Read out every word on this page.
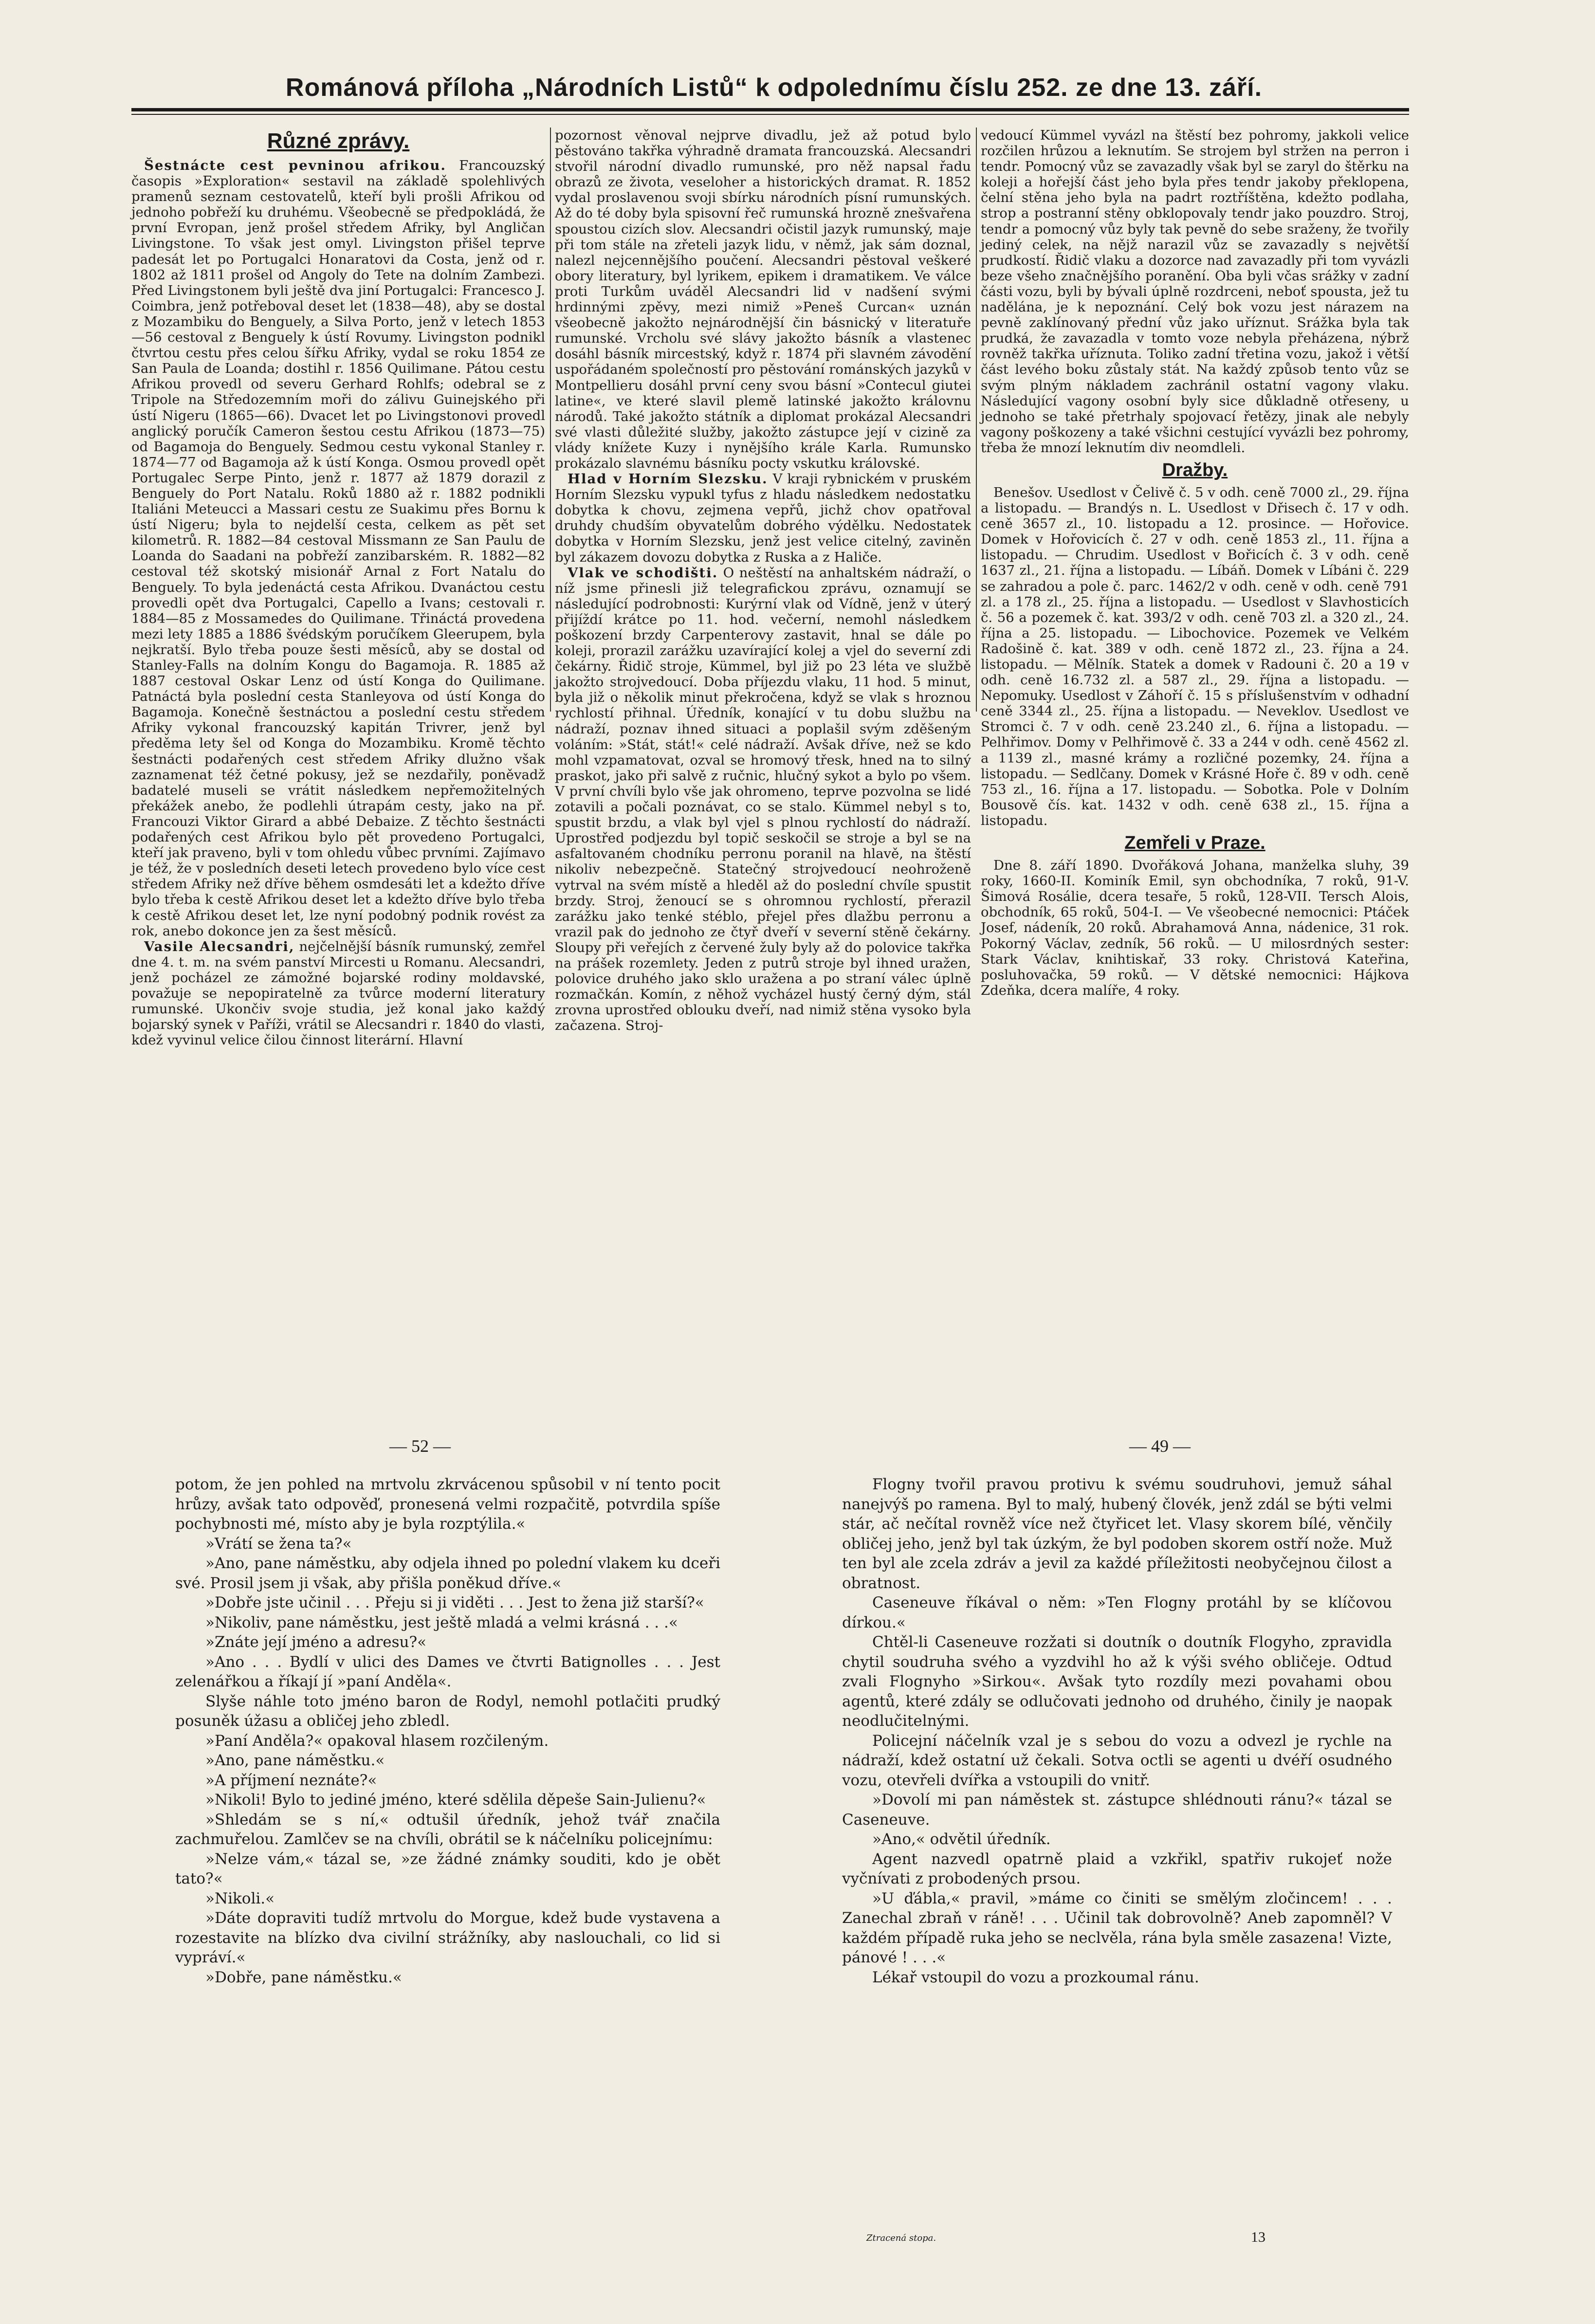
Románová příloha „Národních Listů“ k odpolednímu číslu 252. ze dne 13. září.
Různé zprávy.

Šestnácte cest pevninou afrikou. Francouzský časopis »Exploration« sestavil na základě spolehlivých pramenů seznam cestovatelů, kteří byli prošli Afrikou od jednoho pobřeží ku druhému. Všeobecně se předpokládá, že první Evropan, jenž prošel středem Afriky, byl Angličan Livingstone. To však jest omyl. Livingston přišel teprve padesát let po Portugalci Honaratovi da Costa, jenž od r. 1802 až 1811 prošel od Angoly do Tete na dolním Zambezi. Před Livingstonem byli ještě dva jiní Portugalci: Francesco J. Coimbra, jenž potřeboval deset let (1838—48), aby se dostal z Mozambiku do Benguely, a Silva Porto, jenž v letech 1853—56 cestoval z Benguely k ústí Rovumy. Livingston podnikl čtvrtou cestu přes celou šířku Afriky, vydal se roku 1854 ze San Paula de Loanda; dostihl r. 1856 Quilimane. Pátou cestu Afrikou provedl od severu Gerhard Rohlfs; odebral se z Tripole na Středozemním moři do zálivu Guinejského při ústí Nigeru (1865—66). Dvacet let po Livingstonovi provedl anglický poručík Cameron šestou cestu Afrikou (1873—75) od Bagamoja do Benguely. Sedmou cestu vykonal Stanley r. 1874—77 od Bagamoja až k ústí Konga. Osmou provedl opět Portugalec Serpe Pinto, jenž r. 1877 až 1879 dorazil z Benguely do Port Natalu. Roků 1880 až r. 1882 podnikli Italiáni Meteucci a Massari cestu ze Suakimu přes Bornu k ústí Nigeru; byla to nejdelší cesta, celkem as pět set kilometrů. R. 1882—84 cestoval Missmann ze San Paulu de Loanda do Saadani na pobřeží zanzibarském. R. 1882—82 cestoval též skotský misionář Arnal z Fort Natalu do Benguely. To byla jedenáctá cesta Afrikou. Dvanáctou cestu provedli opět dva Portugalci, Capello a Ivans; cestovali r. 1884—85 z Mossamedes do Quilimane. Třináctá provedena mezi lety 1885 a 1886 švédským poručíkem Gleerupem, byla nejkratší. Bylo třeba pouze šesti měsíců, aby se dostal od Stanley-Falls na dolním Kongu do Bagamoja. R. 1885 až 1887 cestoval Oskar Lenz od ústí Konga do Quilimane. Patnáctá byla poslední cesta Stanleyova od ústí Konga do Bagamoja. Konečně šestnáctou a poslední cestu středem Afriky vykonal francouzský kapitán Trivrer, jenž byl předěma lety šel od Konga do Mozambiku. Kromě těchto šestnácti podařených cest středem Afriky dlužno však zaznamenat též četné pokusy, jež se nezdařily, poněvadž badatelé museli se vrátit následkem nepřemožitelných překážek anebo, že podlehli útrapám cesty, jako na př. Francouzi Viktor Girard a abbé Debaize. Z těchto šestnácti podařených cest Afrikou bylo pět provedeno Portugalci, kteří jak praveno, byli v tom ohledu vůbec prvními. Zajímavo je též, že v posledních deseti letech provedeno bylo více cest středem Afriky než dříve během osmdesáti let a kdežto dříve bylo třeba k cestě Afrikou deset let a kdežto dříve bylo třeba k cestě Afrikou deset let, lze nyní podobný podnik rovést za rok, anebo dokonce jen za šest měsíců.

Vasile Alecsandri, nejčelnější básník rumunský, zemřel dne 4. t. m. na svém panství Mircesti u Romanu. Alecsandri, jenž pocházel ze zámožné bojarské rodiny moldavské, považuje se nepopiratelně za tvůrce moderní literatury rumunské. Ukončiv svoje studia, jež konal jako každý bojarský synek v Paříži, vrátil se Alecsandri r. 1840 do vlasti, kdež vyvinul velice čilou činnost literární. Hlavní

pozornost věnoval nejprve divadlu, jež až potud bylo pěstováno takřka výhradně dramata francouzská. Alecsandri stvořil národní divadlo rumunské, pro něž napsal řadu obrazů ze života, veseloher a historických dramat. R. 1852 vydal proslavenou svoji sbírku národních písní rumunských. Až do té doby byla spisovní řeč rumunská hrozně znešvařena spoustou cizích slov. Alecsandri očistil jazyk rumunský, maje při tom stále na zřeteli jazyk lidu, v němž, jak sám doznal, nalezl nejcennějšího poučení. Alecsandri pěstoval veškeré obory literatury, byl lyrikem, epikem i dramatikem. Ve válce proti Turkům uváděl Alecsandri lid v nadšení svými hrdinnými zpěvy, mezi nimiž »Peneš Curcan« uznán všeobecně jakožto nejnárodnější čin básnický v literatuře rumunské. Vrcholu své slávy jakožto básník a vlastenec dosáhl básník mircestský, když r. 1874 při slavném závodění uspořádaném společností pro pěstování románských jazyků v Montpellieru dosáhl první ceny svou básní »Contecul giutei latine«, ve které slavil plemě latinské jakožto královnu národů. Také jakožto státník a diplomat prokázal Alecsandri své vlasti důležité služby, jakožto zástupce její v cizině za vlády knížete Kuzy i nynějšího krále Karla. Rumunsko prokázalo slavnému básníku pocty vskutku královské.

Hlad v Horním Slezsku. V kraji rybnickém v pruském Horním Slezsku vypukl tyfus z hladu následkem nedostatku dobytka k chovu, zejmena vepřů, jichž chov opatřoval druhdy chudším obyvatelům dobrého výdělku. Nedostatek dobytka v Horním Slezsku, jenž jest velice citelný, zaviněn byl zákazem dovozu dobytka z Ruska a z Haliče.

Vlak ve schodišti. O neštěstí na anhaltském nádraží, o níž jsme přinesli již telegrafickou zprávu, oznamují se následující podrobnosti: Kurýrní vlak od Vídně, jenž v úterý přijíždí krátce po 11. hod. večerní, nemohl následkem poškození brzdy Carpenterovy zastavit, hnal se dále po koleji, prorazil zarážku uzavírající kolej a vjel do severní zdi čekárny. Řidič stroje, Kümmel, byl již po 23 léta ve službě jakožto strojvedoucí. Doba příjezdu vlaku, 11 hod. 5 minut, byla již o několik minut překročena, když se vlak s hroznou rychlostí přihnal. Úředník, konající v tu dobu službu na nádraží, poznav ihned situaci a poplašil svým zděšeným voláním: »Stát, stát!« celé nádraží. Avšak dříve, než se kdo mohl vzpamatovat, ozval se hromový třesk, hned na to silný praskot, jako při salvě z ručnic, hlučný sykot a bylo po všem. V první chvíli bylo vše jak ohromeno, teprve pozvolna se lidé zotavili a počali poznávat, co se stalo. Kümmel nebyl s to, spustit brzdu, a vlak byl vjel s plnou rychlostí do nádraží. Uprostřed podjezdu byl topič seskočil se stroje a byl se na asfaltovaném chodníku perronu poranil na hlavě, na štěstí nikoliv nebezpečně. Statečný strojvedoucí neohroženě vytrval na svém místě a hleděl až do poslední chvíle spustit brzdy. Stroj, ženoucí se s ohromnou rychlostí, přerazil zarážku jako tenké stéblo, přejel přes dlažbu perronu a vrazil pak do jednoho ze čtyř dveří v severní stěně čekárny. Sloupy při veřejích z červené žuly byly až do polovice takřka na prášek rozemlety. Jeden z putrů stroje byl ihned uražen, polovice druhého jako sklo uražena a po straní válec úplně rozmačkán. Komín, z něhož vycházel hustý černý dým, stál zrovna uprostřed oblouku dveří, nad nimiž stěna vysoko byla začazena. Stroj-

vedoucí Kümmel vyvázl na štěstí bez pohromy, jakkoli velice rozčilen hrůzou a leknutím. Se strojem byl stržen na perron i tendr. Pomocný vůz se zavazadly však byl se zaryl do štěrku na koleji a hořejší část jeho byla přes tendr jakoby překlopena, čelní stěna jeho byla na padrt roztříštěna, kdežto podlaha, strop a postranní stěny obklopovaly tendr jako pouzdro. Stroj, tendr a pomocný vůz byly tak pevně do sebe sraženy, že tvořily jediný celek, na nějž narazil vůz se zavazadly s největší prudkostí. Řidič vlaku a dozorce nad zavazadly při tom vyvázli beze všeho značnějšího poranění. Oba byli včas srážky v zadní části vozu, byli by bývali úplně rozdrceni, neboť spousta, jež tu nadělána, je k nepoznání. Celý bok vozu jest nárazem na pevně zaklínovaný přední vůz jako uříznut. Srážka byla tak prudká, že zavazadla v tomto voze nebyla přeházena, nýbrž rovněž takřka uříznuta. Toliko zadní třetina vozu, jakož i větší část levého boku zůstaly stát. Na každý způsob tento vůz se svým plným nákladem zachránil ostatní vagony vlaku. Následující vagony osobní byly sice důkladně otřeseny, u jednoho se také přetrhaly spojovací řetězy, jinak ale nebyly vagony poškozeny a také všichni cestující vyvázli bez pohromy, třeba že mnozí leknutím div neomdleli.

Dražby.

Benešov. Usedlost v Čelivě č. 5 v odh. ceně 7000 zl., 29. října a listopadu. — Brandýs n. L. Usedlost v Dřisech č. 17 v odh. ceně 3657 zl., 10. listopadu a 12. prosince. — Hořovice. Domek v Hořovicích č. 27 v odh. ceně 1853 zl., 11. října a listopadu. — Chrudim. Usedlost v Bořicích č. 3 v odh. ceně 1637 zl., 21. října a listopadu. — Líbáň. Domek v Líbáni č. 229 se zahradou a pole č. parc. 1462/2 v odh. ceně v odh. ceně 791 zl. a 178 zl., 25. října a listopadu. — Usedlost v Slavhosticích č. 56 a pozemek č. kat. 393/2 v odh. ceně 703 zl. a 320 zl., 24. října a 25. listopadu. — Libochovice. Pozemek ve Velkém Radošině č. kat. 389 v odh. ceně 1872 zl., 23. října a 24. listopadu. — Mělník. Statek a domek v Radouni č. 20 a 19 v odh. ceně 16.732 zl. a 587 zl., 29. října a listopadu. — Nepomuky. Usedlost v Záhoří č. 15 s příslušenstvím v odhadní ceně 3344 zl., 25. října a listopadu. — Neveklov. Usedlost ve Stromci č. 7 v odh. ceně 23.240 zl., 6. října a listopadu. — Pelhřimov. Domy v Pelhřimově č. 33 a 244 v odh. ceně 4562 zl. a 1139 zl., masné krámy a rozličné pozemky, 24. října a listopadu. — Sedlčany. Domek v Krásné Hoře č. 89 v odh. ceně 753 zl., 16. října a 17. listopadu. — Sobotka. Pole v Dolním Bousově čís. kat. 1432 v odh. ceně 638 zl., 15. října a listopadu.

Zemřeli v Praze.

Dne 8. září 1890. Dvořáková Johana, manželka sluhy, 39 roky, 1660-II. Kominík Emil, syn obchodníka, 7 roků, 91-V. Šimová Rosálie, dcera tesaře, 5 roků, 128-VII. Tersch Alois, obchodník, 65 roků, 504-I. — Ve všeobecné nemocnici: Ptáček Josef, nádeník, 20 roků. Abrahamová Anna, nádenice, 31 rok. Pokorný Václav, zedník, 56 roků. — U milosrdných sester: Stark Václav, knihtiskař, 33 roky. Christová Kateřina, posluhovačka, 59 roků. — V dětské nemocnici: Hájkova Zdeňka, dcera malíře, 4 roky.

— 52 —

potom, že jen pohled na mrtvolu zkrvácenou spůsobil v ní tento pocit hrůzy, avšak tato odpověď, pronesená velmi rozpačitě, potvrdila spíše pochybnosti mé, místo aby je byla rozptýlila.«

»Vrátí se žena ta?«

»Ano, pane náměstku, aby odjela ihned po polední vlakem ku dceři své. Prosil jsem ji však, aby přišla poněkud dříve.«

»Dobře jste učinil . . . Přeju si ji viděti . . . Jest to žena již starší?«

»Nikoliv, pane náměstku, jest ještě mladá a velmi krásná . . .«

»Znáte její jméno a adresu?«

»Ano . . . Bydlí v ulici des Dames ve čtvrti Batignolles . . . Jest zelenářkou a říkají jí »paní Anděla«.

Slyše náhle toto jméno baron de Rodyl, nemohl potlačiti prudký posuněk úžasu a obličej jeho zbledl.

»Paní Anděla?« opakoval hlasem rozčileným.

»Ano, pane náměstku.«

»A příjmení neznáte?«

»Nikoli! Bylo to jediné jméno, které sdělila děpeše Sain-Julienu?«

»Shledám se s ní,« odtušil úředník, jehož tvář značila zachmuřelou. Zamlčev se na chvíli, obrátil se k náčelníku policejnímu:

»Nelze vám,« tázal se, »ze žádné známky souditi, kdo je obět tato?«

»Nikoli.«

»Dáte dopraviti tudíž mrtvolu do Morgue, kdež bude vystavena a rozestavite na blízko dva civilní strážníky, aby naslouchali, co lid si vypráví.«

»Dobře, pane náměstku.«

— 49 —

Flogny tvořil pravou protivu k svému soudruhovi, jemuž sáhal nanejvýš po ramena. Byl to malý, hubený človék, jenž zdál se býti velmi stár, ač nečítal rovněž více než čtyřicet let. Vlasy skorem bílé, věnčily obličej jeho, jenž byl tak úzkým, že byl podoben skorem ostří nože. Muž ten byl ale zcela zdráv a jevil za každé příležitosti neobyčejnou čilost a obratnost.

Caseneuve říkával o něm: »Ten Flogny protáhl by se klíčovou dírkou.«

Chtěl-li Caseneuve rozžati si doutník o doutník Flogyho, zpravidla chytil soudruha svého a vyzdvihl ho až k výši svého obličeje. Odtud zvali Flognyho »Sirkou«. Avšak tyto rozdíly mezi povahami obou agentů, které zdály se odlučovati jednoho od druhého, činily je naopak neodlučitelnými.

Policejní náčelník vzal je s sebou do vozu a odvezl je rychle na nádraží, kdež ostatní už čekali. Sotva octli se agenti u dvéří osudného vozu, otevřeli dvířka a vstoupili do vnitř.

»Dovolí mi pan náměstek st. zástupce shlédnouti ránu?« tázal se Caseneuve.

»Ano,« odvětil úředník.

Agent nazvedl opatrně plaid a vzkřikl, spatřiv rukojeť nože vyčnívati z probodených prsou.

»U ďábla,« pravil, »máme co činiti se smělým zločincem! . . . Zanechal zbraň v ráně! . . . Učinil tak dobrovolně? Aneb zapomněl? V každém případě ruka jeho se neclvěla, rána byla směle zasazena! Vizte, pánové ! . . .«

Lékař vstoupil do vozu a prozkoumal ránu.

Ztracená stopa.	13
